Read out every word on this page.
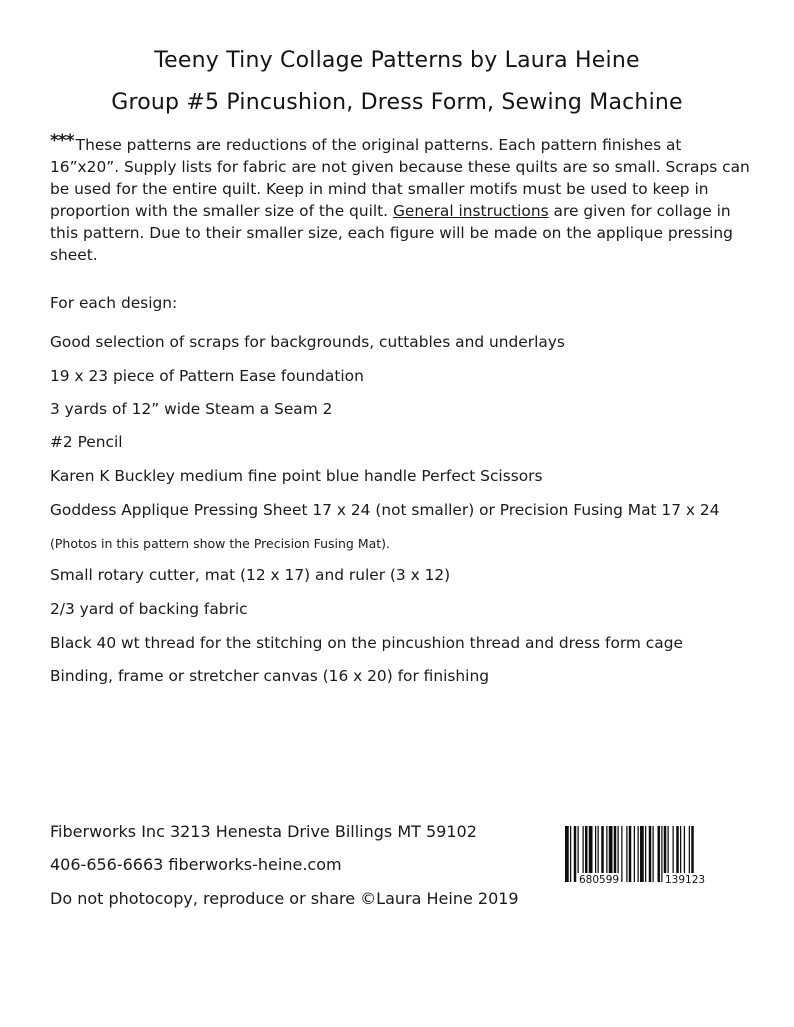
Teeny Tiny Collage Patterns by Laura Heine
Group #5 Pincushion, Dress Form, Sewing Machine
*** These patterns are reductions of the original patterns. Each pattern finishes at 16”x20”. Supply lists for fabric are not given because these quilts are so small. Scraps can be used for the entire quilt. Keep in mind that smaller motifs must be used to keep in proportion with the smaller size of the quilt. General instructions are given for collage in this pattern. Due to their smaller size, each figure will be made on the applique pressing sheet.
For each design:
Good selection of scraps for backgrounds, cuttables and underlays
19 x 23 piece of Pattern Ease foundation
3 yards of 12” wide Steam a Seam 2
#2 Pencil
Karen K Buckley medium fine point blue handle Perfect Scissors
Goddess Applique Pressing Sheet 17 x 24 (not smaller) or Precision Fusing Mat 17 x 24
(Photos in this pattern show the Precision Fusing Mat).
Small rotary cutter, mat (12 x 17) and ruler (3 x 12)
2/3 yard of backing fabric
Black 40 wt thread for the stitching on the pincushion thread and dress form cage
Binding, frame or stretcher canvas (16 x 20) for finishing
Fiberworks Inc 3213 Henesta Drive Billings MT 59102
406-656-6663 fiberworks-heine.com
Do not photocopy, reproduce or share ©Laura Heine 2019
680599	139123
